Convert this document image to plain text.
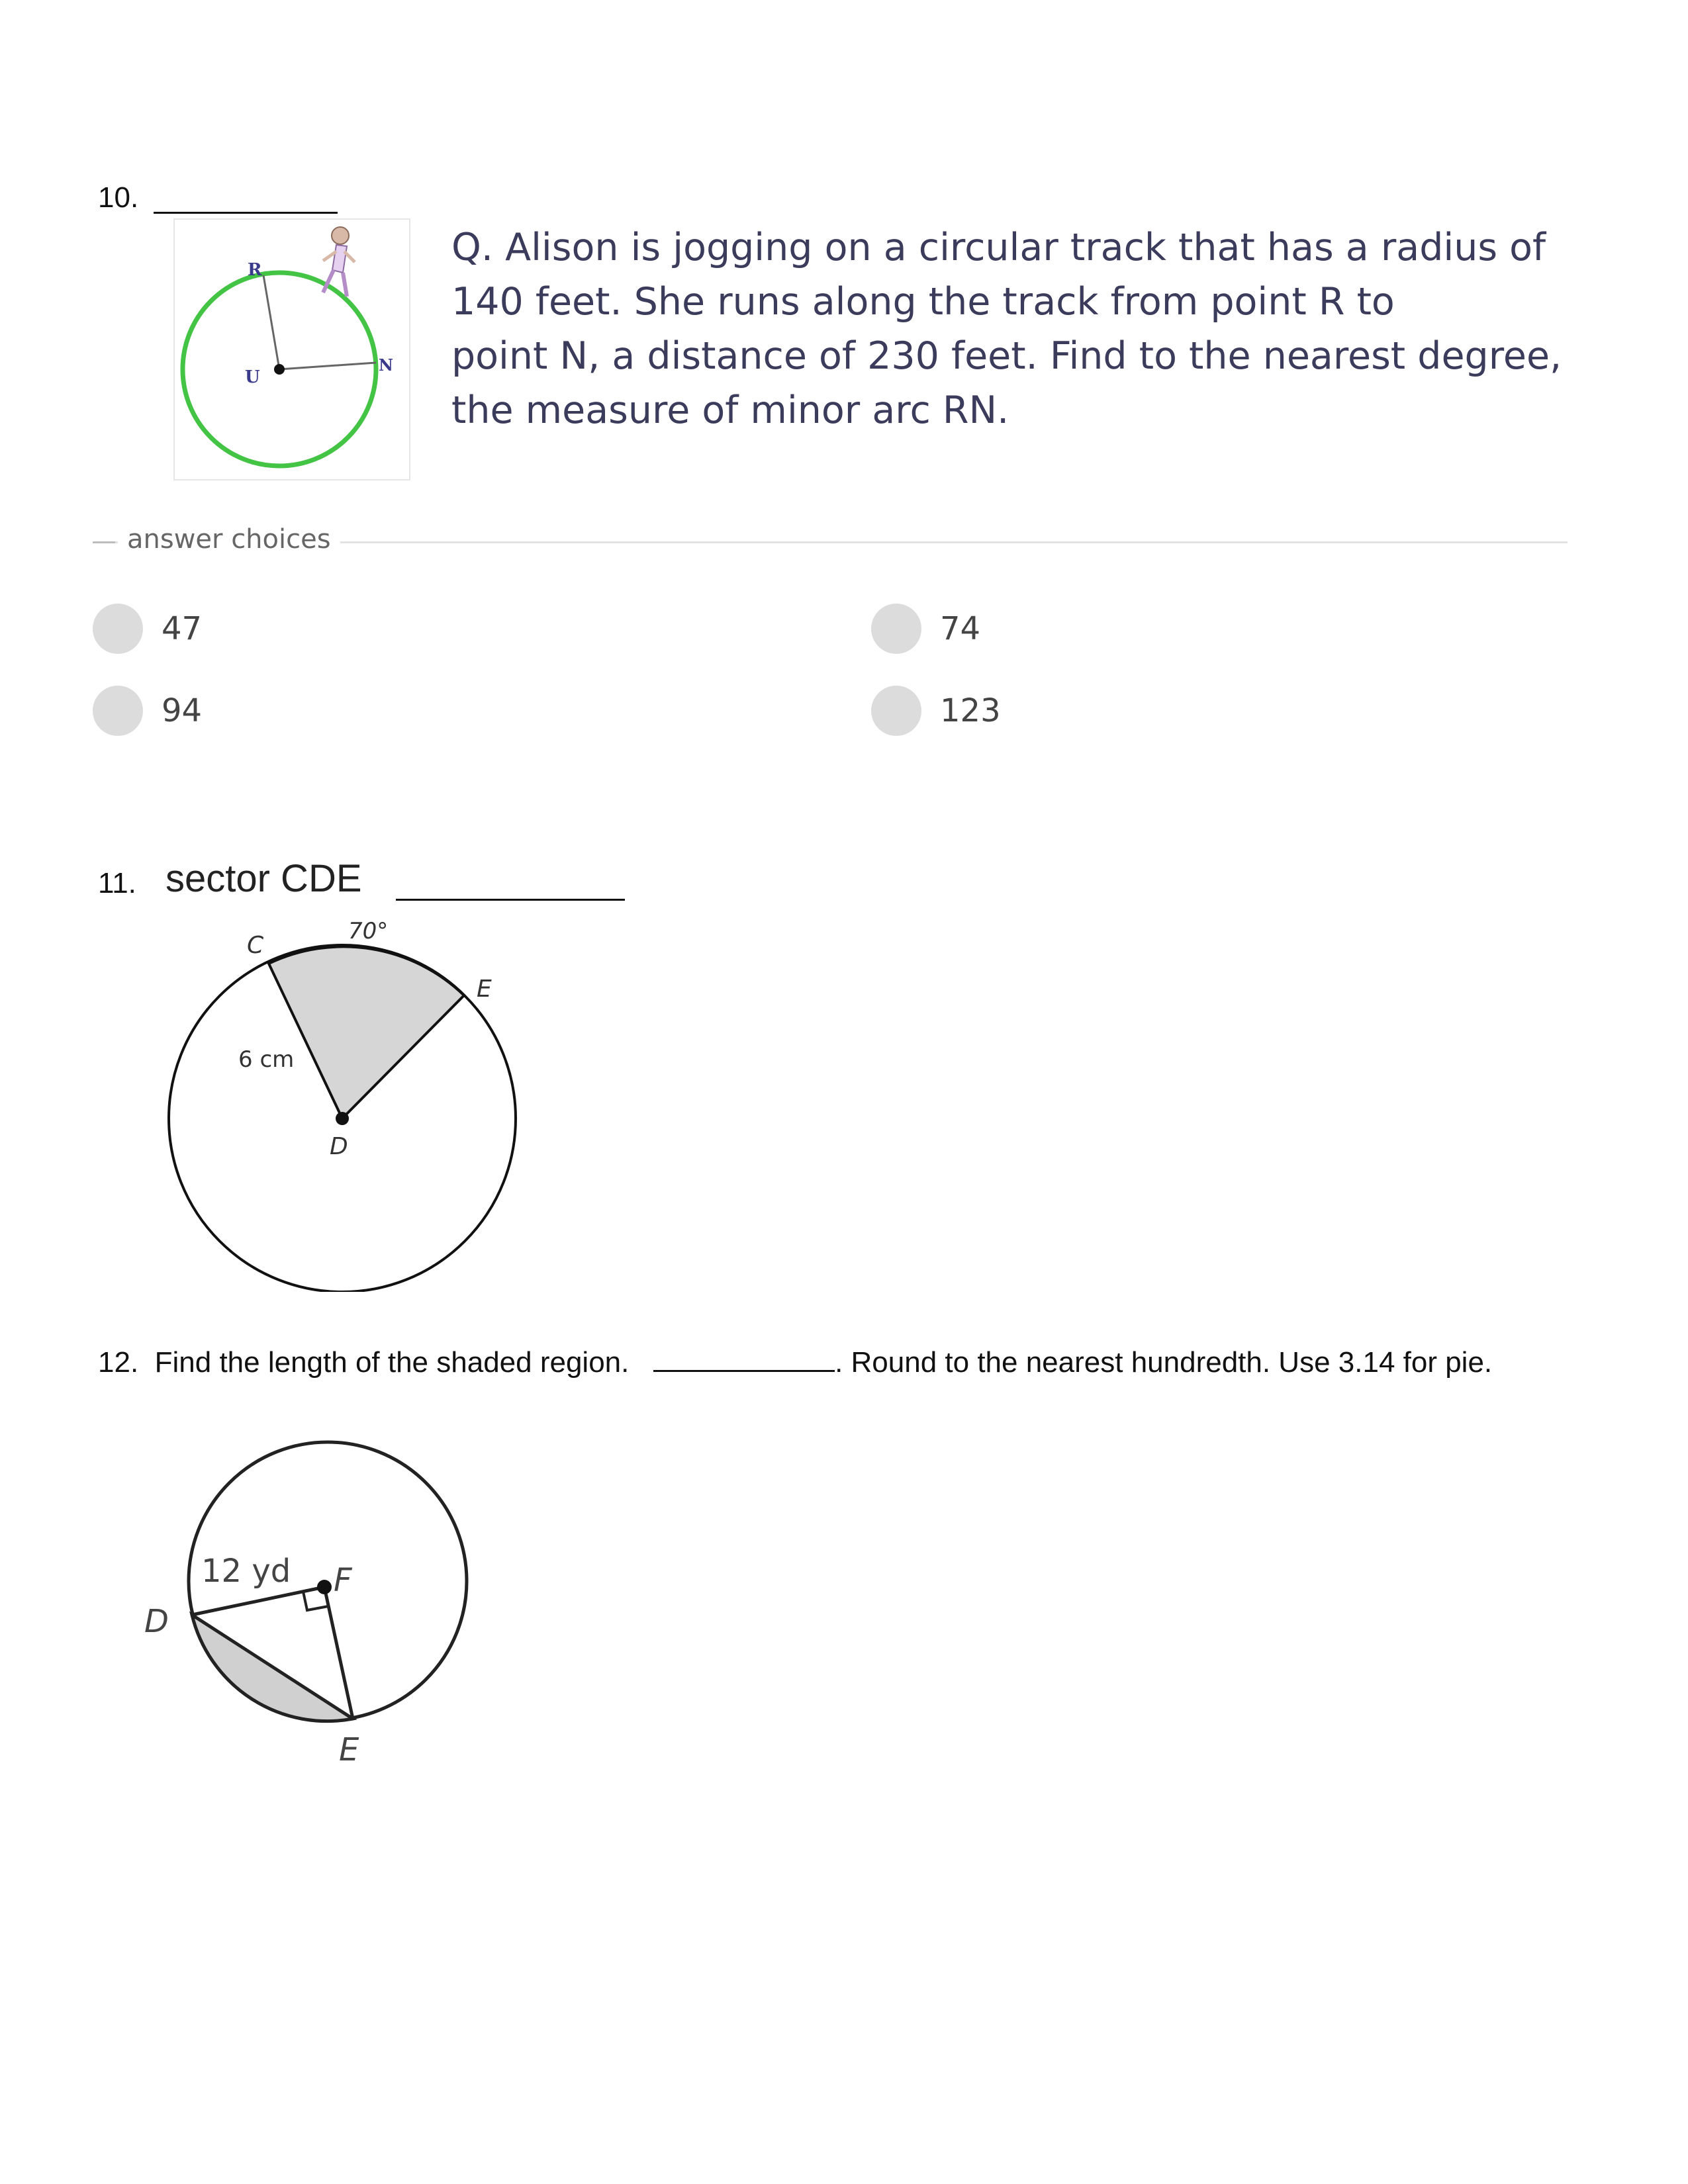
10.
U
R
N
Q. Alison is jogging on a circular track that has a radius of
140 feet. She runs along the track from point R to
point N, a distance of 230 feet. Find to the nearest degree,
the measure of minor arc RN.
answer choices
47	74
94	123
11. sector CDE
C
D
E
70°
6 cm
12. Find the length of the shaded region.	. Round to the nearest hundredth. Use 3.14 for pie.
12 yd F
D
E
